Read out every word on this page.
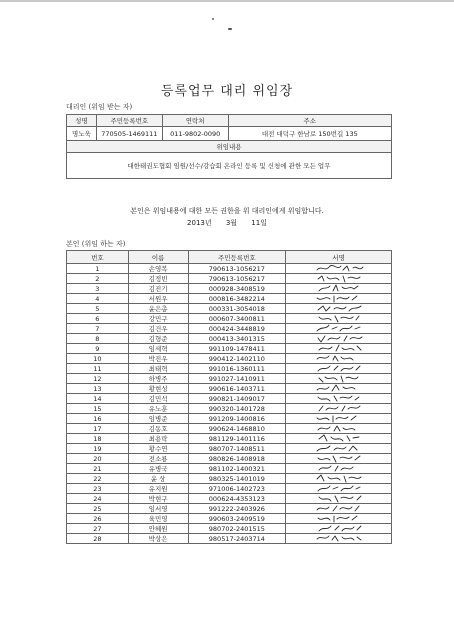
등록업무 대리 위임장
대리인 (위임 받는 자)
성명	주민등록번호	연락처	주소
명노욱	770505-1469111	011-9802-0090	대전 대덕구 한남로 150번길 135
위임내용			
대한태권도협회 임원/선수/강습회 온라인 등록 및 신청에 관한 모든 업무			
본인은 위임내용에 대한 모든 권한을 위 대리인에게 위임합니다.
2013년 3월 11일
본인 (위임 하는 자)
번호	이름	주민등록번호	서명
1	손영복	790613-1056217	

2	김정빈	790613-1056217	

3	김진기	000928-3408519	

4	서원우	000816-3482214	

5	윤은총	000331-3054018	

6	강민구	000607-3400811	

7	김건우	000424-3448819	

8	김형준	000413-3401315	

9	임세혁	991109-1478411	

10	박진우	990412-1402110	

11	최태혁	991016-1360111	

12	하병주	991027-1410911	

13	황현성	990616-1403711	

14	김민석	990821-1409017	

15	유노훈	990320-1401728	

16	임병준	991209-1400816	

17	김동호	990624-1468810	

18	최용락	981129-1401116	

19	황수연	980707-1408511	

20	전소룡	980826-1408918	

21	유병국	981102-1400321	

22	윤 상	980325-1401019	

23	유지원	971006-1402723	

24	박현구	000624-4353123	

25	임서영	991222-2403926	

26	육민영	990603-2409519	

27	안혜원	980702-2401515	

28	박상은	980517-2403714	
